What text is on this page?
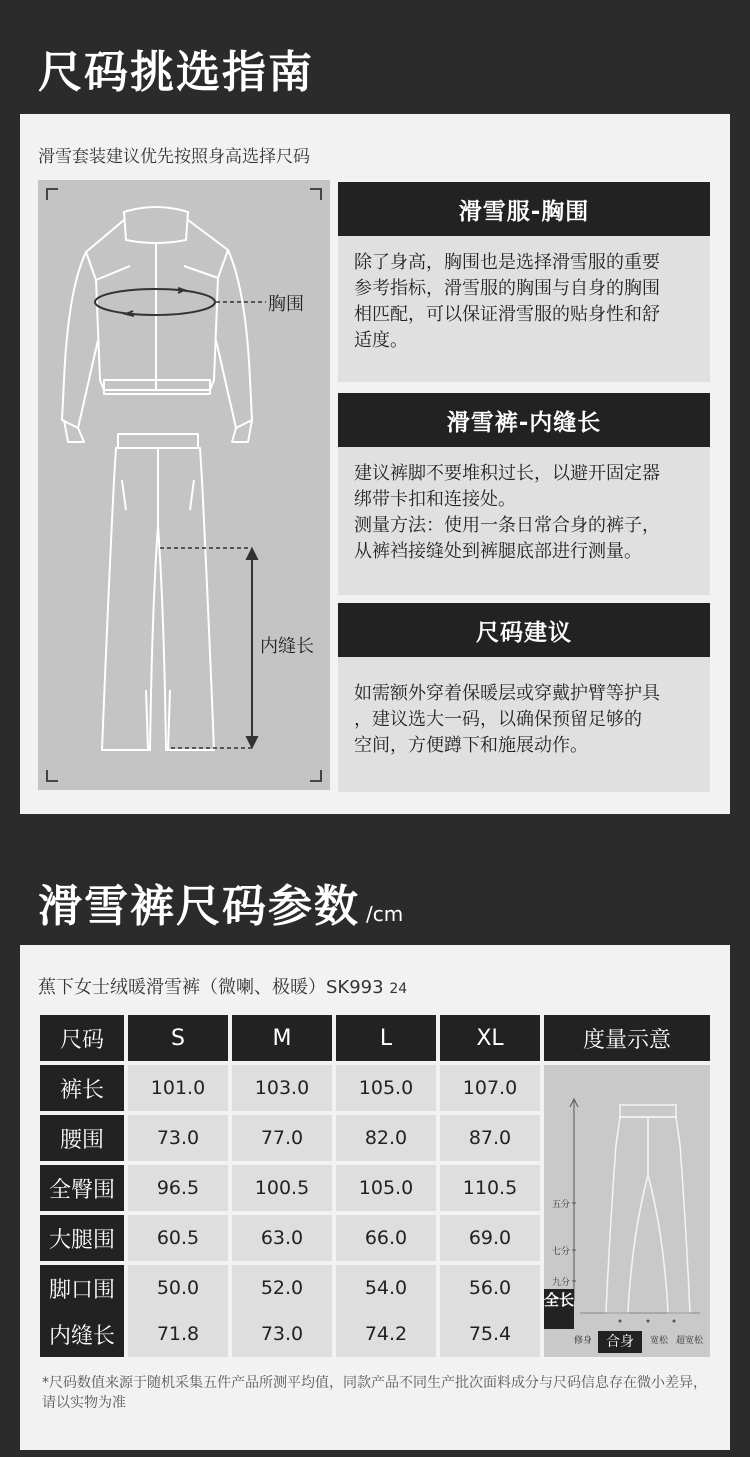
尺码挑选指南
滑雪套装建议优先按照身高选择尺码
胸围
内缝长
滑雪服-胸围
除了身高，胸围也是选择滑雪服的重要
参考指标，滑雪服的胸围与自身的胸围
相匹配，可以保证滑雪服的贴身性和舒
适度。
滑雪裤-内缝长
建议裤脚不要堆积过长，以避开固定器
绑带卡扣和连接处。
测量方法：使用一条日常合身的裤子，
从裤裆接缝处到裤腿底部进行测量。
尺码建议
如需额外穿着保暖层或穿戴护臂等护具
，建议选大一码，以确保预留足够的
空间，方便蹲下和施展动作。
滑雪裤尺码参数 /cm
蕉下女士绒暖滑雪裤（微喇、极暖）SK993 24
尺码	S	M	L	XL	度量示意
裤长	101.0	103.0	105.0	107.0
腰围	73.0	77.0	82.0	87.0
全臀围	96.5	100.5	105.0	110.5
大腿围	60.5	63.0	66.0	69.0
脚口围	50.0	52.0	54.0	56.0
内缝长	71.8	73.0	74.2	75.4
五分
七分
九分
全长
修身 合身	宽松 超宽松
*尺码数值来源于随机采集五件产品所测平均值，同款产品不同生产批次面料成分与尺码信息存在微小差异，请以实物为准
